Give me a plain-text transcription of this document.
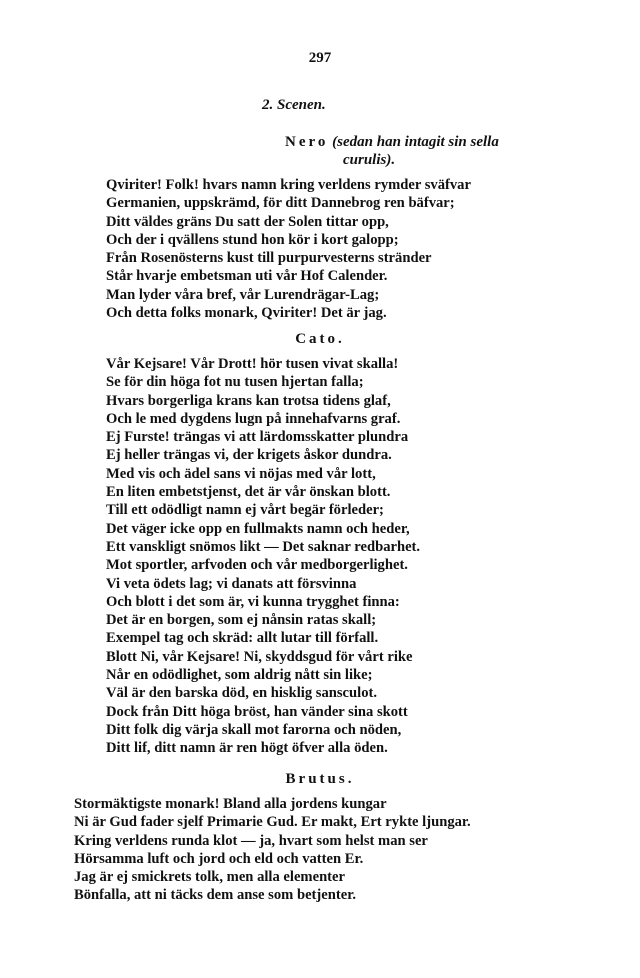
297
2. Scenen.
Nero (sedan han intagit sin sella
curulis).
Qviriter! Folk! hvars namn kring verldens rymder sväfvar
Germanien, uppskrämd, för ditt Dannebrog ren bäfvar;
Ditt väldes gräns Du satt der Solen tittar opp,
Och der i qvällens stund hon kör i kort galopp;
Från Rosenösterns kust till purpurvesterns stränder
Står hvarje embetsman uti vår Hof Calender.
Man lyder våra bref, vår Lurendrägar-Lag;
Och detta folks monark, Qviriter! Det är jag.
Cato.
Vår Kejsare! Vår Drott! hör tusen vivat skalla!
Se för din höga fot nu tusen hjertan falla;
Hvars borgerliga krans kan trotsa tidens glaf,
Och le med dygdens lugn på innehafvarns graf.
Ej Furste! trängas vi att lärdomsskatter plundra
Ej heller trängas vi, der krigets åskor dundra.
Med vis och ädel sans vi nöjas med vår lott,
En liten embetstjenst, det är vår önskan blott.
Till ett odödligt namn ej vårt begär förleder;
Det väger icke opp en fullmakts namn och heder,
Ett vanskligt snömos likt — Det saknar redbarhet.
Mot sportler, arfvoden och vår medborgerlighet.
Vi veta ödets lag; vi danats att försvinna
Och blott i det som är, vi kunna trygghet finna:
Det är en borgen, som ej nånsin ratas skall;
Exempel tag och skräd: allt lutar till förfall.
Blott Ni, vår Kejsare! Ni, skyddsgud för vårt rike
Når en odödlighet, som aldrig nått sin like;
Väl är den barska död, en hisklig sansculot.
Dock från Ditt höga bröst, han vänder sina skott
Ditt folk dig värja skall mot farorna och nöden,
Ditt lif, ditt namn är ren högt öfver alla öden.
Brutus.
Stormäktigste monark! Bland alla jordens kungar
Ni är Gud fader sjelf Primarie Gud. Er makt, Ert rykte ljungar.
Kring verldens runda klot — ja, hvart som helst man ser
Hörsamma luft och jord och eld och vatten Er.
Jag är ej smickrets tolk, men alla elementer
Bönfalla, att ni täcks dem anse som betjenter.
